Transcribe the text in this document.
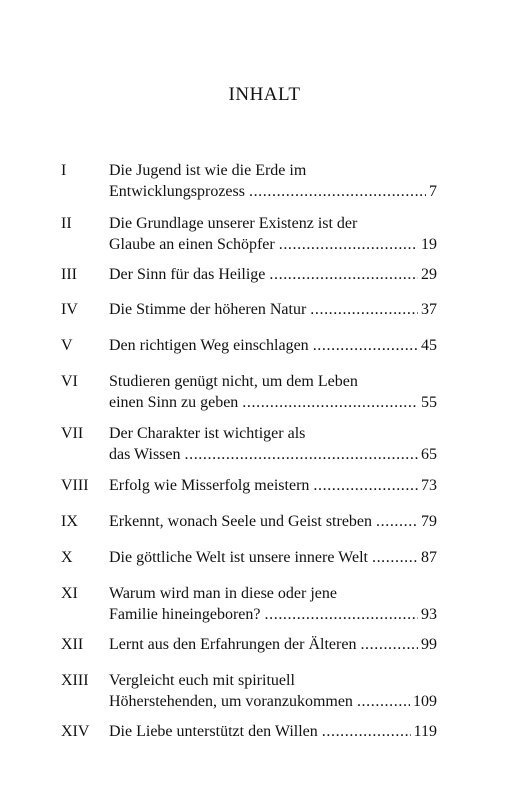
INHALT
I	Die Jugend ist wie die Erde im
Entwicklungsprozess . . .	7
II Die Grundlage unserer Existenz ist der
Glaube an einen Schöpfer . . .	19
III Der Sinn für das Heilige . . .	29
IV Die Stimme der höheren Natur . . .	37
V Den richtigen Weg einschlagen . . .	45
VI Studieren genügt nicht, um dem Leben
einen Sinn zu geben . . .	55
VII Der Charakter ist wichtiger als
das Wissen . . .	65
VIII Erfolg wie Misserfolg meistern . . .	73
IX Erkennt, wonach Seele und Geist streben . . .	79
X Die göttliche Welt ist unsere innere Welt . . .	87
XI Warum wird man in diese oder jene
Familie hineingeboren? . . .	93
XII Lernt aus den Erfahrungen der Älteren . . .	99
XIII Vergleicht euch mit spirituell
Höherstehenden, um voranzukommen . . .	109
XIV Die Liebe unterstützt den Willen . . .	119
